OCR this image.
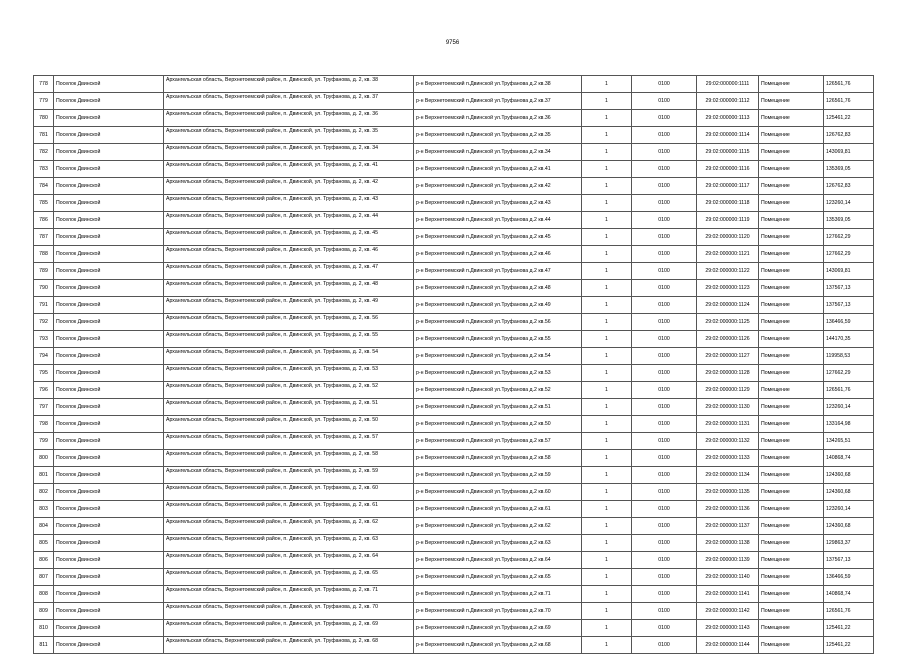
9756
778	Поселок Двинской	Архангельская область, Верхнетоемский район, п. Двинской, ул. Труфанова, д. 2, кв. 38	р-н Верхнетоемский п.Двинской ул.Труфанова д.2 кв.38	1	0100	29:02:000000:1111	Помещение	126561,76
779	Поселок Двинской	Архангельская область, Верхнетоемский район, п. Двинской, ул. Труфанова, д. 2, кв. 37	р-н Верхнетоемский п.Двинской ул.Труфанова д.2 кв.37	1	0100	29:02:000000:1112	Помещение	126561,76
780	Поселок Двинской	Архангельская область, Верхнетоемский район, п. Двинской, ул. Труфанова, д. 2, кв. 36	р-н Верхнетоемский п.Двинской ул.Труфанова д.2 кв.36	1	0100	29:02:000000:1113	Помещение	125461,22
781	Поселок Двинской	Архангельская область, Верхнетоемский район, п. Двинской, ул. Труфанова, д. 2, кв. 35	р-н Верхнетоемский п.Двинской ул.Труфанова д.2 кв.35	1	0100	29:02:000000:1114	Помещение	126762,83
782	Поселок Двинской	Архангельская область, Верхнетоемский район, п. Двинской, ул. Труфанова, д. 2, кв. 34	р-н Верхнетоемский п.Двинской ул.Труфанова д.2 кв.34	1	0100	29:02:000000:1115	Помещение	143069,81
783	Поселок Двинской	Архангельская область, Верхнетоемский район, п. Двинской, ул. Труфанова, д. 2, кв. 41	р-н Верхнетоемский п.Двинской ул.Труфанова д.2 кв.41	1	0100	29:02:000000:1116	Помещение	135369,05
784	Поселок Двинской	Архангельская область, Верхнетоемский район, п. Двинской, ул. Труфанова, д. 2, кв. 42	р-н Верхнетоемский п.Двинской ул.Труфанова д.2 кв.42	1	0100	29:02:000000:1117	Помещение	126762,83
785	Поселок Двинской	Архангельская область, Верхнетоемский район, п. Двинской, ул. Труфанова, д. 2, кв. 43	р-н Верхнетоемский п.Двинской ул.Труфанова д.2 кв.43	1	0100	29:02:000000:1118	Помещение	123260,14
786	Поселок Двинской	Архангельская область, Верхнетоемский район, п. Двинской, ул. Труфанова, д. 2, кв. 44	р-н Верхнетоемский п.Двинской ул.Труфанова д.2 кв.44	1	0100	29:02:000000:1119	Помещение	135369,05
787	Поселок Двинской	Архангельская область, Верхнетоемский район, п. Двинской, ул. Труфанова, д. 2, кв. 45	р-н Верхнетоемский п.Двинской ул.Труфанова д.2 кв.45	1	0100	29:02:000000:1120	Помещение	127662,29
788	Поселок Двинской	Архангельская область, Верхнетоемский район, п. Двинской, ул. Труфанова, д. 2, кв. 46	р-н Верхнетоемский п.Двинской ул.Труфанова д.2 кв.46	1	0100	29:02:000000:1121	Помещение	127662,29
789	Поселок Двинской	Архангельская область, Верхнетоемский район, п. Двинской, ул. Труфанова, д. 2, кв. 47	р-н Верхнетоемский п.Двинской ул.Труфанова д.2 кв.47	1	0100	29:02:000000:1122	Помещение	143069,81
790	Поселок Двинской	Архангельская область, Верхнетоемский район, п. Двинской, ул. Труфанова, д. 2, кв. 48	р-н Верхнетоемский п.Двинской ул.Труфанова д.2 кв.48	1	0100	29:02:000000:1123	Помещение	137567,13
791	Поселок Двинской	Архангельская область, Верхнетоемский район, п. Двинской, ул. Труфанова, д. 2, кв. 49	р-н Верхнетоемский п.Двинской ул.Труфанова д.2 кв.49	1	0100	29:02:000000:1124	Помещение	137567,13
792	Поселок Двинской	Архангельская область, Верхнетоемский район, п. Двинской, ул. Труфанова, д. 2, кв. 56	р-н Верхнетоемский п.Двинской ул.Труфанова д.2 кв.56	1	0100	29:02:000000:1125	Помещение	136466,59
793	Поселок Двинской	Архангельская область, Верхнетоемский район, п. Двинской, ул. Труфанова, д. 2, кв. 55	р-н Верхнетоемский п.Двинской ул.Труфанова д.2 кв.55	1	0100	29:02:000000:1126	Помещение	144170,35
794	Поселок Двинской	Архангельская область, Верхнетоемский район, п. Двинской, ул. Труфанова, д. 2, кв. 54	р-н Верхнетоемский п.Двинской ул.Труфанова д.2 кв.54	1	0100	29:02:000000:1127	Помещение	119958,53
795	Поселок Двинской	Архангельская область, Верхнетоемский район, п. Двинской, ул. Труфанова, д. 2, кв. 53	р-н Верхнетоемский п.Двинской ул.Труфанова д.2 кв.53	1	0100	29:02:000000:1128	Помещение	127662,29
796	Поселок Двинской	Архангельская область, Верхнетоемский район, п. Двинской, ул. Труфанова, д. 2, кв. 52	р-н Верхнетоемский п.Двинской ул.Труфанова д.2 кв.52	1	0100	29:02:000000:1129	Помещение	126561,76
797	Поселок Двинской	Архангельская область, Верхнетоемский район, п. Двинской, ул. Труфанова, д. 2, кв. 51	р-н Верхнетоемский п.Двинской ул.Труфанова д.2 кв.51	1	0100	29:02:000000:1130	Помещение	123260,14
798	Поселок Двинской	Архангельская область, Верхнетоемский район, п. Двинской, ул. Труфанова, д. 2, кв. 50	р-н Верхнетоемский п.Двинской ул.Труфанова д.2 кв.50	1	0100	29:02:000000:1131	Помещение	133164,98
799	Поселок Двинской	Архангельская область, Верхнетоемский район, п. Двинской, ул. Труфанова, д. 2, кв. 57	р-н Верхнетоемский п.Двинской ул.Труфанова д.2 кв.57	1	0100	29:02:000000:1132	Помещение	134265,51
800	Поселок Двинской	Архангельская область, Верхнетоемский район, п. Двинской, ул. Труфанова, д. 2, кв. 58	р-н Верхнетоемский п.Двинской ул.Труфанова д.2 кв.58	1	0100	29:02:000000:1133	Помещение	140868,74
801	Поселок Двинской	Архангельская область, Верхнетоемский район, п. Двинской, ул. Труфанова, д. 2, кв. 59	р-н Верхнетоемский п.Двинской ул.Труфанова д.2 кв.59	1	0100	29:02:000000:1134	Помещение	124360,68
802	Поселок Двинской	Архангельская область, Верхнетоемский район, п. Двинской, ул. Труфанова, д. 2, кв. 60	р-н Верхнетоемский п.Двинской ул.Труфанова д.2 кв.60	1	0100	29:02:000000:1135	Помещение	124360,68
803	Поселок Двинской	Архангельская область, Верхнетоемский район, п. Двинской, ул. Труфанова, д. 2, кв. 61	р-н Верхнетоемский п.Двинской ул.Труфанова д.2 кв.61	1	0100	29:02:000000:1136	Помещение	123260,14
804	Поселок Двинской	Архангельская область, Верхнетоемский район, п. Двинской, ул. Труфанова, д. 2, кв. 62	р-н Верхнетоемский п.Двинской ул.Труфанова д.2 кв.62	1	0100	29:02:000000:1137	Помещение	124360,68
805	Поселок Двинской	Архангельская область, Верхнетоемский район, п. Двинской, ул. Труфанова, д. 2, кв. 63	р-н Верхнетоемский п.Двинской ул.Труфанова д.2 кв.63	1	0100	29:02:000000:1138	Помещение	129863,37
806	Поселок Двинской	Архангельская область, Верхнетоемский район, п. Двинской, ул. Труфанова, д. 2, кв. 64	р-н Верхнетоемский п.Двинской ул.Труфанова д.2 кв.64	1	0100	29:02:000000:1139	Помещение	137567,13
807	Поселок Двинской	Архангельская область, Верхнетоемский район, п. Двинской, ул. Труфанова, д. 2, кв. 65	р-н Верхнетоемский п.Двинской ул.Труфанова д.2 кв.65	1	0100	29:02:000000:1140	Помещение	136466,59
808	Поселок Двинской	Архангельская область, Верхнетоемский район, п. Двинской, ул. Труфанова, д. 2, кв. 71	р-н Верхнетоемский п.Двинской ул.Труфанова д.2 кв.71	1	0100	29:02:000000:1141	Помещение	140868,74
809	Поселок Двинской	Архангельская область, Верхнетоемский район, п. Двинской, ул. Труфанова, д. 2, кв. 70	р-н Верхнетоемский п.Двинской ул.Труфанова д.2 кв.70	1	0100	29:02:000000:1142	Помещение	126561,76
810	Поселок Двинской	Архангельская область, Верхнетоемский район, п. Двинской, ул. Труфанова, д. 2, кв. 69	р-н Верхнетоемский п.Двинской ул.Труфанова д.2 кв.69	1	0100	29:02:000000:1143	Помещение	125461,22
811	Поселок Двинской	Архангельская область, Верхнетоемский район, п. Двинской, ул. Труфанова, д. 2, кв. 68	р-н Верхнетоемский п.Двинской ул.Труфанова д.2 кв.68	1	0100	29:02:000000:1144	Помещение	125461,22
